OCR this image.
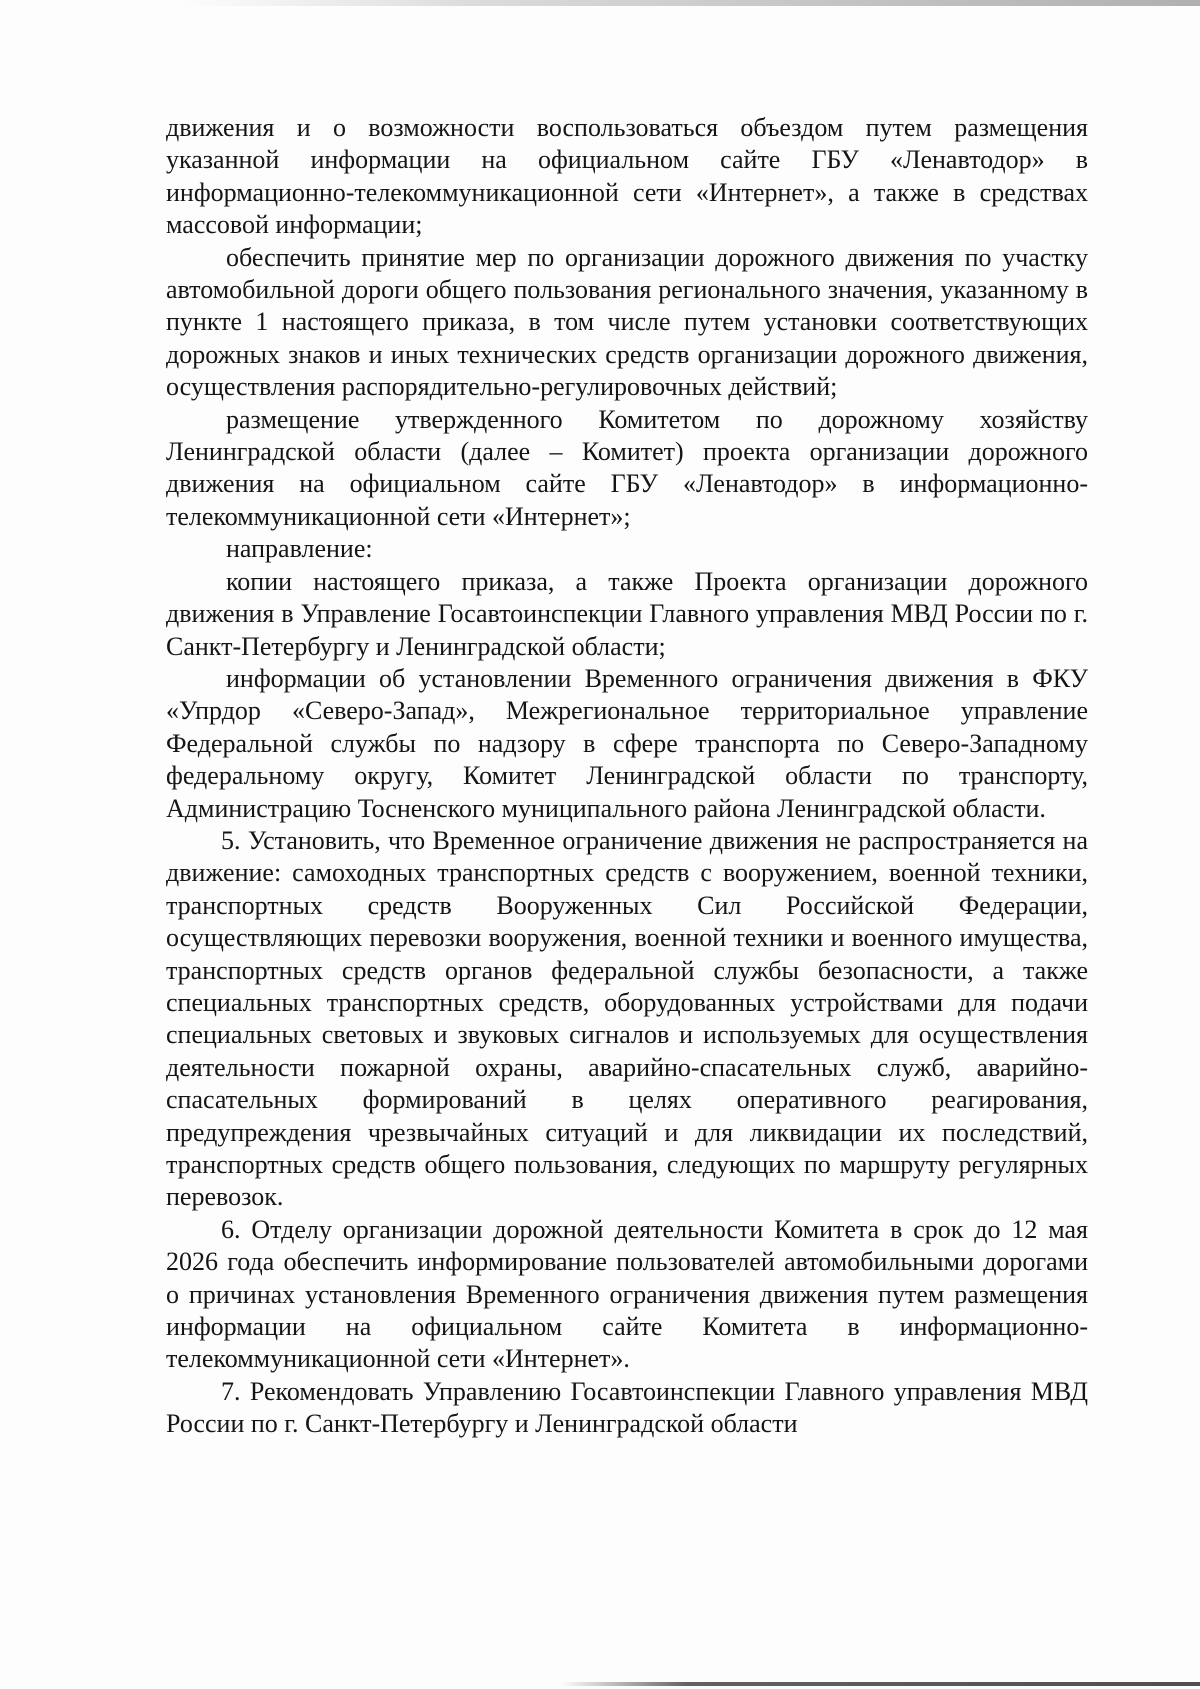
движения и о возможности воспользоваться объездом путем размещения указанной информации на официальном сайте ГБУ «Ленавтодор» в информационно-телекоммуникационной сети «Интернет», а также в средствах массовой информации;

обеспечить принятие мер по организации дорожного движения по участку автомобильной дороги общего пользования регионального значения, указанному в пункте 1 настоящего приказа, в том числе путем установки соответствующих дорожных знаков и иных технических средств организации дорожного движения, осуществления распорядительно-регулировочных действий;

размещение утвержденного Комитетом по дорожному хозяйству Ленинградской области (далее – Комитет) проекта организации дорожного движения на официальном сайте ГБУ «Ленавтодор» в информационно-телекоммуникационной сети «Интернет»;

направление:

копии настоящего приказа, а также Проекта организации дорожного движения в Управление Госавтоинспекции Главного управления МВД России по г. Санкт-Петербургу и Ленинградской области;

информации об установлении Временного ограничения движения в ФКУ «Упрдор «Северо-Запад», Межрегиональное территориальное управление Федеральной службы по надзору в сфере транспорта по Северо-Западному федеральному округу, Комитет Ленинградской области по транспорту, Администрацию Тосненского муниципального района Ленинградской области.

5. Установить, что Временное ограничение движения не распространяется на движение: самоходных транспортных средств с вооружением, военной техники, транспортных средств Вооруженных Сил Российской Федерации, осуществляющих перевозки вооружения, военной техники и военного имущества, транспортных средств органов федеральной службы безопасности, а также специальных транспортных средств, оборудованных устройствами для подачи специальных световых и звуковых сигналов и используемых для осуществления деятельности пожарной охраны, аварийно-спасательных служб, аварийно-спасательных формирований в целях оперативного реагирования, предупреждения чрезвычайных ситуаций и для ликвидации их последствий, транспортных средств общего пользования, следующих по маршруту регулярных перевозок.

6. Отделу организации дорожной деятельности Комитета в срок до 12 мая 2026 года обеспечить информирование пользователей автомобильными дорогами о причинах установления Временного ограничения движения путем размещения информации на официальном сайте Комитета в информационно-телекоммуникационной сети «Интернет».

7. Рекомендовать Управлению Госавтоинспекции Главного управления МВД России по г. Санкт-Петербургу и Ленинградской области
